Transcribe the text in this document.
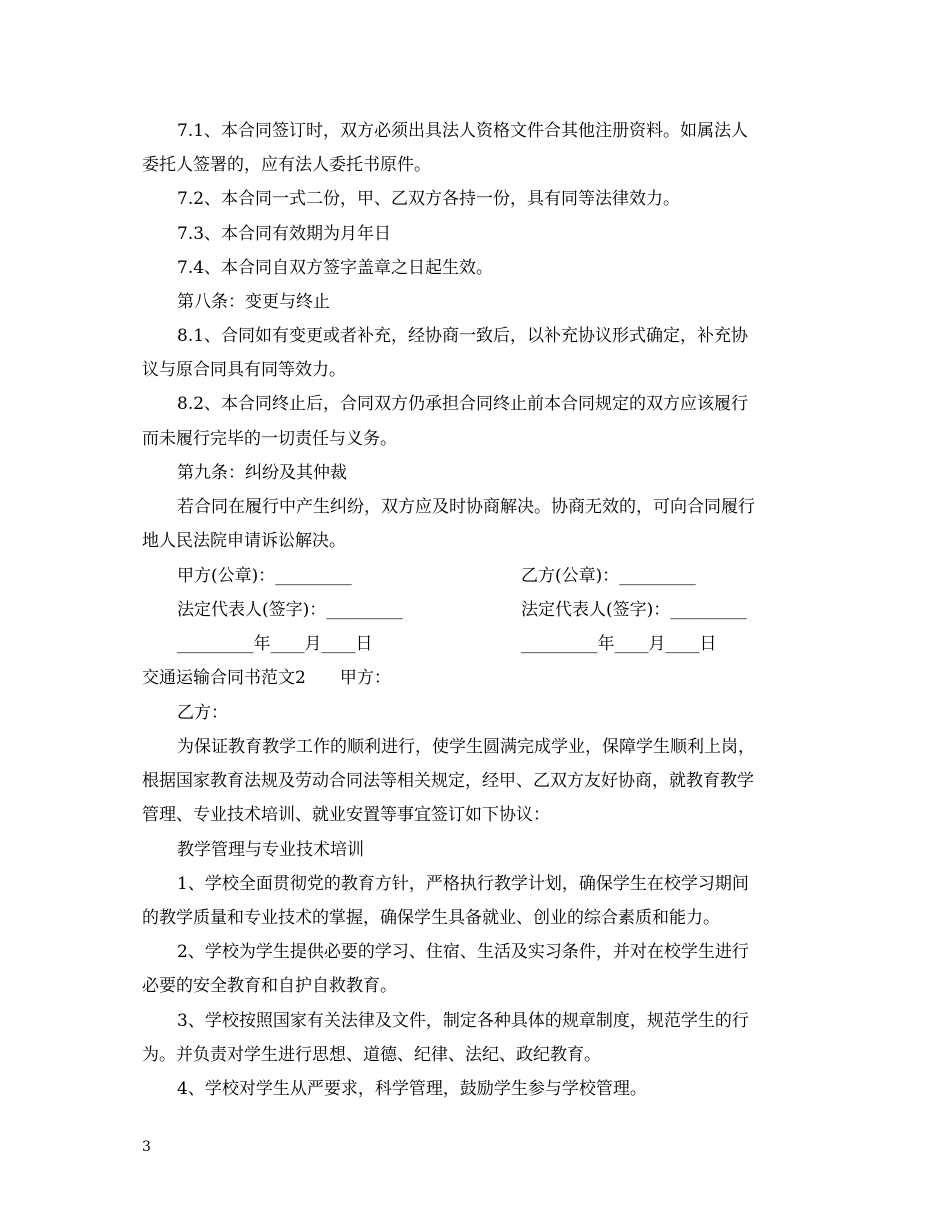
7.1、本合同签订时，双方必须出具法人资格文件合其他注册资料。如属法人
委托人签署的，应有法人委托书原件。
7.2、本合同一式二份，甲、乙双方各持一份，具有同等法律效力。
7.3、本合同有效期为月年日
7.4、本合同自双方签字盖章之日起生效。
第八条：变更与终止
8.1、合同如有变更或者补充，经协商一致后，以补充协议形式确定，补充协
议与原合同具有同等效力。
8.2、本合同终止后，合同双方仍承担合同终止前本合同规定的双方应该履行
而未履行完毕的一切责任与义务。
第九条：纠纷及其仲裁
若合同在履行中产生纠纷，双方应及时协商解决。协商无效的，可向合同履行
地人民法院申请诉讼解决。
甲方(公章)：_________	乙方(公章)：_________
法定代表人(签字)：_________	法定代表人(签字)：_________
_________年____月____日	_________年____月____日
交通运输合同书范文2　　甲方：
乙方：
为保证教育教学工作的顺利进行，使学生圆满完成学业，保障学生顺利上岗，
根据国家教育法规及劳动合同法等相关规定，经甲、乙双方友好协商，就教育教学
管理、专业技术培训、就业安置等事宜签订如下协议：
教学管理与专业技术培训
1、学校全面贯彻党的教育方针，严格执行教学计划，确保学生在校学习期间
的教学质量和专业技术的掌握，确保学生具备就业、创业的综合素质和能力。
2、学校为学生提供必要的学习、住宿、生活及实习条件，并对在校学生进行
必要的安全教育和自护自救教育。
3、学校按照国家有关法律及文件，制定各种具体的规章制度，规范学生的行
为。并负责对学生进行思想、道德、纪律、法纪、政纪教育。
4、学校对学生从严要求，科学管理，鼓励学生参与学校管理。
3
